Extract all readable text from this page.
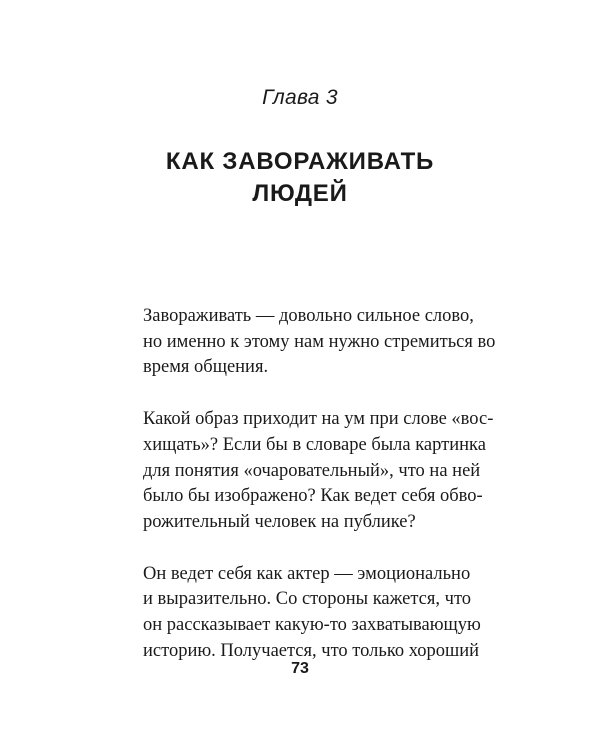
Глава 3
КАК ЗАВОРАЖИВАТЬ
ЛЮДЕЙ

Завораживать — довольно сильное слово,
но именно к этому нам нужно стремиться во
время общения.

Какой образ приходит на ум при слове «вос-
хищать»? Если бы в словаре была картинка
для понятия «очаровательный», что на ней
было бы изображено? Как ведет себя обво-
рожительный человек на публике?

Он ведет себя как актер — эмоционально
и выразительно. Со стороны кажется, что
он рассказывает какую-то захватывающую
историю. Получается, что только хороший

73
